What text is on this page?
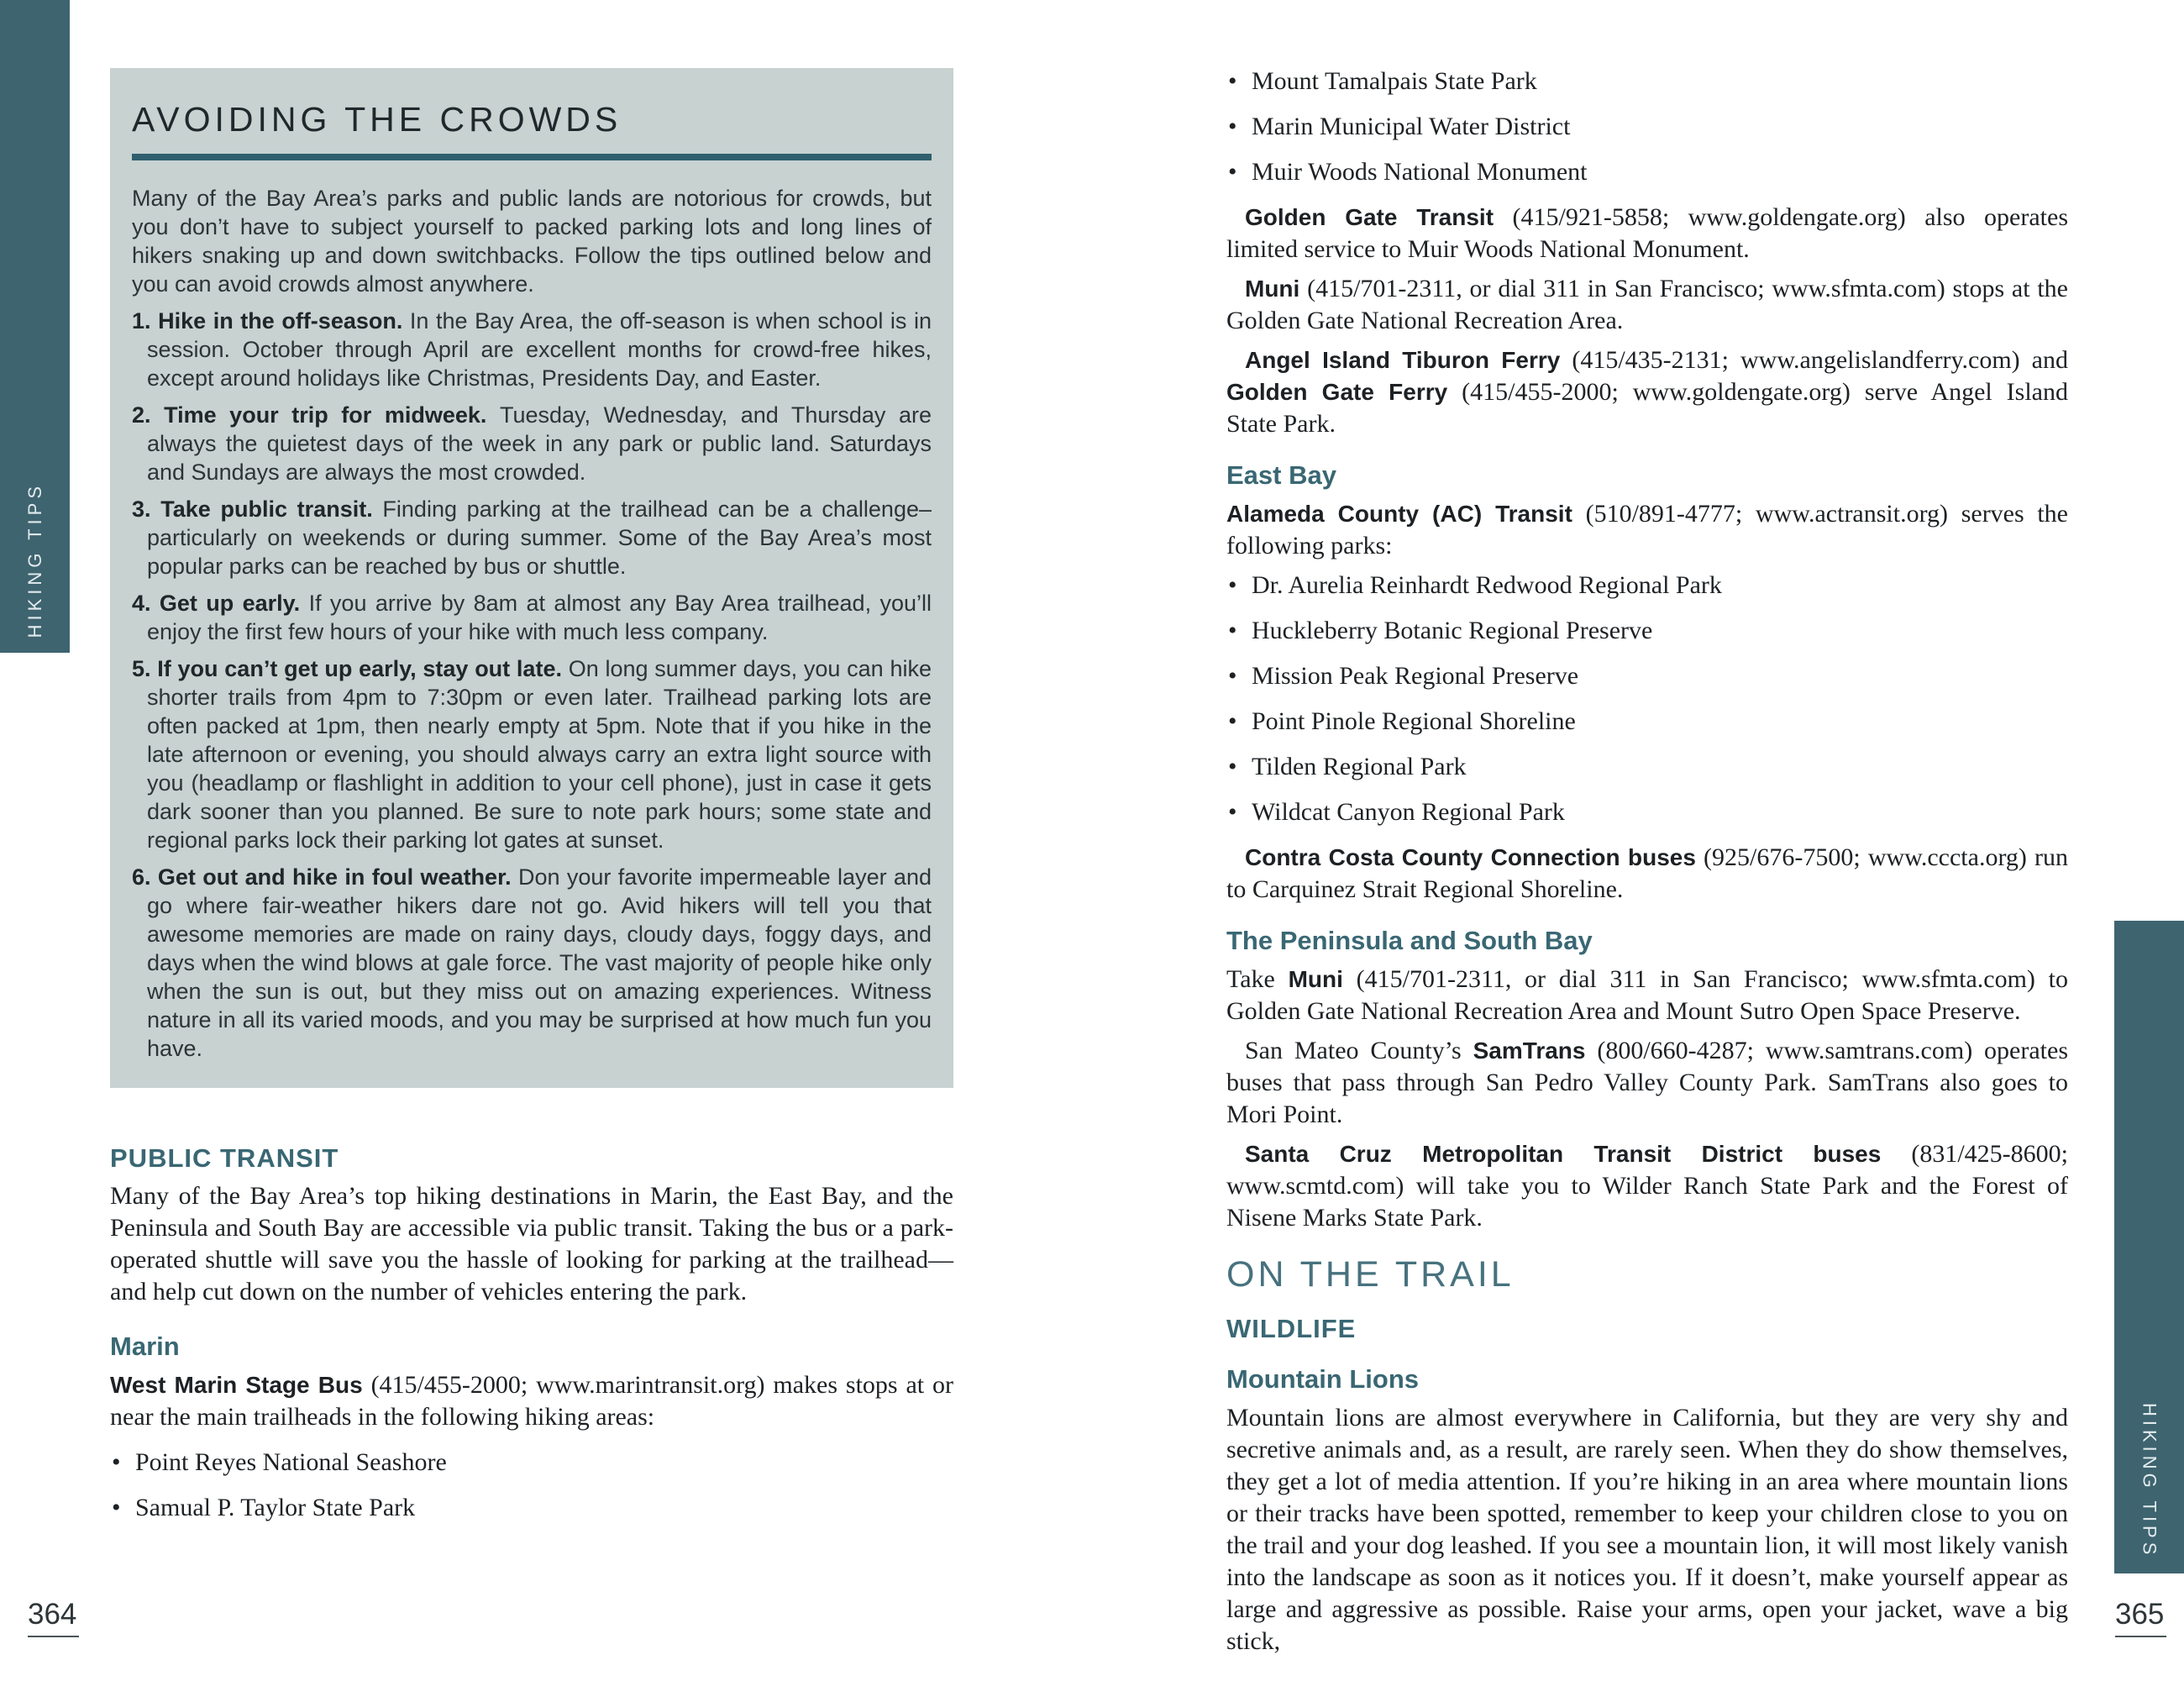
HIKING TIPS
HIKING TIPS
364	365
AVOIDING THE CROWDS

Many of the Bay Area’s parks and public lands are notorious for crowds, but you don’t have to subject yourself to packed parking lots and long lines of hikers snaking up and down switchbacks. Follow the tips outlined below and you can avoid crowds almost anywhere.

1. Hike in the off-season. In the Bay Area, the off-season is when school is in session. October through April are excellent months for crowd-free hikes, except around holidays like Christmas, Presidents Day, and Easter.

2. Time your trip for midweek. Tuesday, Wednesday, and Thursday are always the quietest days of the week in any park or public land. Saturdays and Sundays are always the most crowded.

3. Take public transit. Finding parking at the trailhead can be a challenge–particularly on weekends or during summer. Some of the Bay Area’s most popular parks can be reached by bus or shuttle.

4. Get up early. If you arrive by 8am at almost any Bay Area trailhead, you’ll enjoy the first few hours of your hike with much less company.

5. If you can’t get up early, stay out late. On long summer days, you can hike shorter trails from 4pm to 7:30pm or even later. Trailhead parking lots are often packed at 1pm, then nearly empty at 5pm. Note that if you hike in the late afternoon or evening, you should always carry an extra light source with you (headlamp or flashlight in addition to your cell phone), just in case it gets dark sooner than you planned. Be sure to note park hours; some state and regional parks lock their parking lot gates at sunset.

6. Get out and hike in foul weather. Don your favorite impermeable layer and go where fair-weather hikers dare not go. Avid hikers will tell you that awesome memories are made on rainy days, cloudy days, foggy days, and days when the wind blows at gale force. The vast majority of people hike only when the sun is out, but they miss out on amazing experiences. Witness nature in all its varied moods, and you may be surprised at how much fun you have.

PUBLIC TRANSIT

Many of the Bay Area’s top hiking destinations in Marin, the East Bay, and the Peninsula and South Bay are accessible via public transit. Taking the bus or a park-operated shuttle will save you the hassle of looking for parking at the trailhead—and help cut down on the number of vehicles entering the park.

Marin

West Marin Stage Bus (415/455-2000; www.marintransit.org) makes stops at or near the main trailheads in the following hiking areas:

• Point Reyes National Seashore
• Samual P. Taylor State Park
• Mount Tamalpais State Park
• Marin Municipal Water District
• Muir Woods National Monument

Golden Gate Transit (415/921-5858; www.goldengate.org) also operates limited service to Muir Woods National Monument.

Muni (415/701-2311, or dial 311 in San Francisco; www.sfmta.com) stops at the Golden Gate National Recreation Area.

Angel Island Tiburon Ferry (415/435-2131; www.angelislandferry.com) and Golden Gate Ferry (415/455-2000; www.goldengate.org) serve Angel Island State Park.

East Bay

Alameda County (AC) Transit (510/891-4777; www.actransit.org) serves the following parks:

• Dr. Aurelia Reinhardt Redwood Regional Park
• Huckleberry Botanic Regional Preserve
• Mission Peak Regional Preserve
• Point Pinole Regional Shoreline
• Tilden Regional Park
• Wildcat Canyon Regional Park

Contra Costa County Connection buses (925/676-7500; www.cccta.org) run to Carquinez Strait Regional Shoreline.

The Peninsula and South Bay

Take Muni (415/701-2311, or dial 311 in San Francisco; www.sfmta.com) to Golden Gate National Recreation Area and Mount Sutro Open Space Preserve.

San Mateo County’s SamTrans (800/660-4287; www.samtrans.com) operates buses that pass through San Pedro Valley County Park. SamTrans also goes to Mori Point.

Santa Cruz Metropolitan Transit District buses (831/425-8600; www.scmtd.com) will take you to Wilder Ranch State Park and the Forest of Nisene Marks State Park.

ON THE TRAIL
WILDLIFE
Mountain Lions

Mountain lions are almost everywhere in California, but they are very shy and secretive animals and, as a result, are rarely seen. When they do show themselves, they get a lot of media attention. If you’re hiking in an area where mountain lions or their tracks have been spotted, remember to keep your children close to you on the trail and your dog leashed. If you see a mountain lion, it will most likely vanish into the landscape as soon as it notices you. If it doesn’t, make yourself appear as large and aggressive as possible. Raise your arms, open your jacket, wave a big stick,
